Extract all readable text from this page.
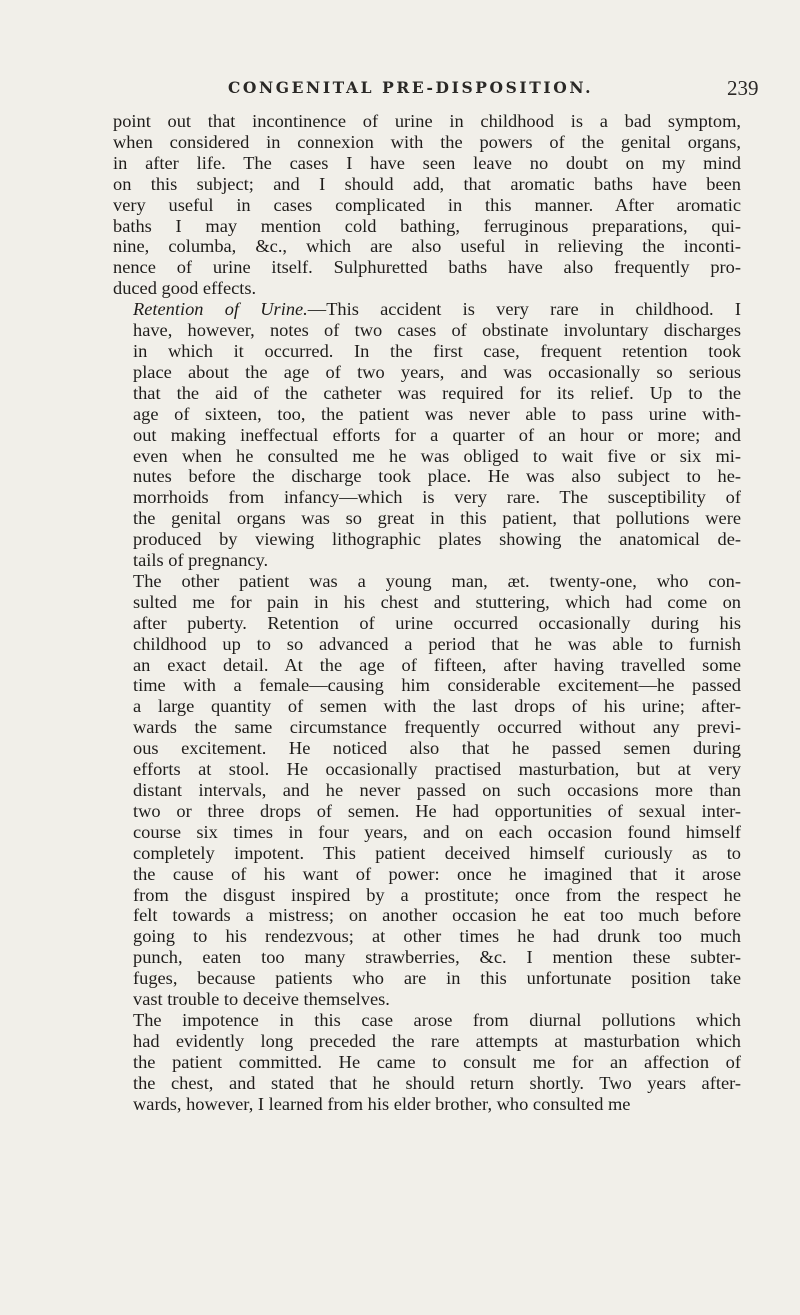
CONGENITAL PRE-DISPOSITION.	239

point out that incontinence of urine in childhood is a bad symptom,
when considered in connexion with the powers of the genital organs,
in after life. The cases I have seen leave no doubt on my mind
on this subject; and I should add, that aromatic baths have been
very useful in cases complicated in this manner. After aromatic
baths I may mention cold bathing, ferruginous preparations, qui-
nine, columba, &c., which are also useful in relieving the inconti-
nence of urine itself. Sulphuretted baths have also frequently pro-
duced good effects.

Retention of Urine.—This accident is very rare in childhood. I
have, however, notes of two cases of obstinate involuntary discharges
in which it occurred. In the first case, frequent retention took
place about the age of two years, and was occasionally so serious
that the aid of the catheter was required for its relief. Up to the
age of sixteen, too, the patient was never able to pass urine with-
out making ineffectual efforts for a quarter of an hour or more; and
even when he consulted me he was obliged to wait five or six mi-
nutes before the discharge took place. He was also subject to he-
morrhoids from infancy—which is very rare. The susceptibility of
the genital organs was so great in this patient, that pollutions were
produced by viewing lithographic plates showing the anatomical de-
tails of pregnancy.

The other patient was a young man, æt. twenty-one, who con-
sulted me for pain in his chest and stuttering, which had come on
after puberty. Retention of urine occurred occasionally during his
childhood up to so advanced a period that he was able to furnish
an exact detail. At the age of fifteen, after having travelled some
time with a female—causing him considerable excitement—he passed
a large quantity of semen with the last drops of his urine; after-
wards the same circumstance frequently occurred without any previ-
ous excitement. He noticed also that he passed semen during
efforts at stool. He occasionally practised masturbation, but at very
distant intervals, and he never passed on such occasions more than
two or three drops of semen. He had opportunities of sexual inter-
course six times in four years, and on each occasion found himself
completely impotent. This patient deceived himself curiously as to
the cause of his want of power: once he imagined that it arose
from the disgust inspired by a prostitute; once from the respect he
felt towards a mistress; on another occasion he eat too much before
going to his rendezvous; at other times he had drunk too much
punch, eaten too many strawberries, &c. I mention these subter-
fuges, because patients who are in this unfortunate position take
vast trouble to deceive themselves.

The impotence in this case arose from diurnal pollutions which
had evidently long preceded the rare attempts at masturbation which
the patient committed. He came to consult me for an affection of
the chest, and stated that he should return shortly. Two years after-
wards, however, I learned from his elder brother, who consulted me
